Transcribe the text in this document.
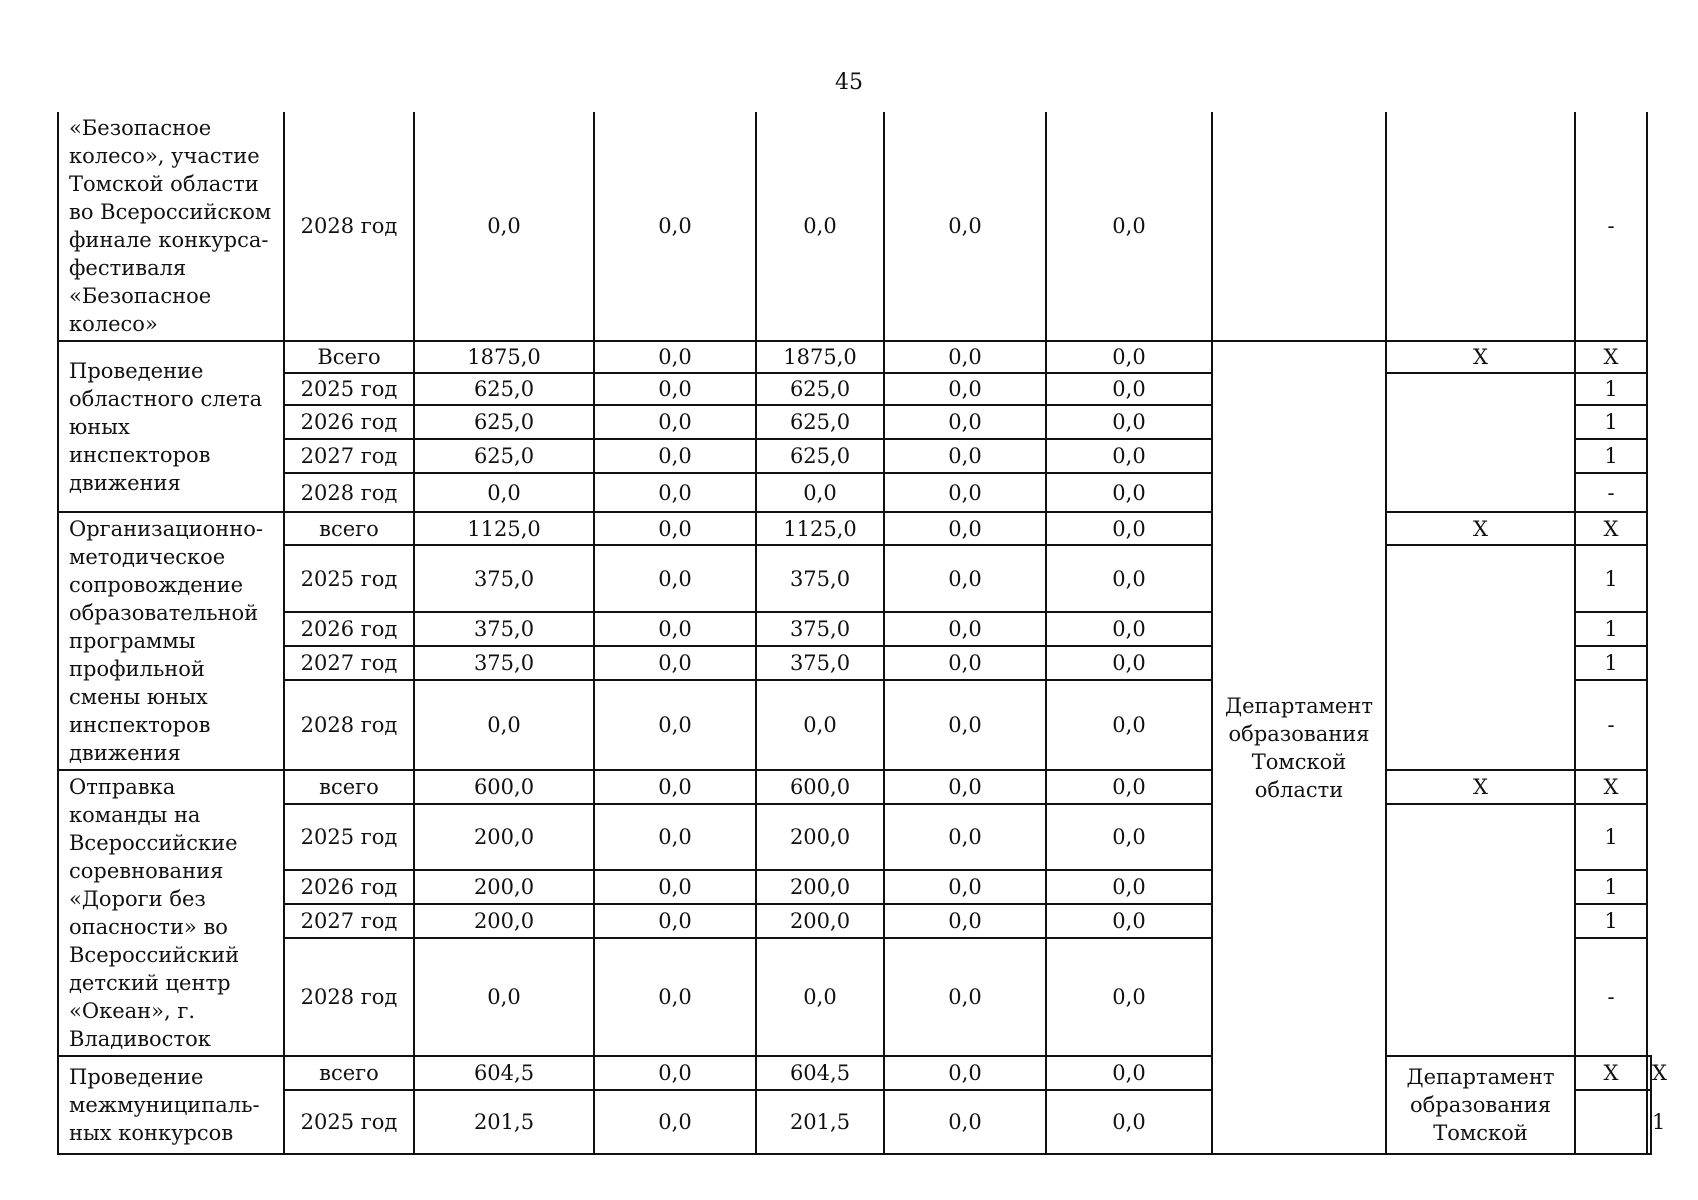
45
«Безопасное колесо», участие Томской области во Всероссийском финале конкурса-фестиваля «Безопасное колесо»	2028 год	0,0	0,0	0,0	0,0	0,0			-	
Проведение областного слета юных инспекторов движения	Всего	1875,0	0,0	1875,0	0,0	0,0	Департамент образования Томской области	X	X	
	2025 год	625,0	0,0	625,0	0,0	0,0			1	
	2026 год	625,0	0,0	625,0	0,0	0,0			1	
	2027 год	625,0	0,0	625,0	0,0	0,0			1	
	2028 год	0,0	0,0	0,0	0,0	0,0			-	
Организационно-методическое сопровождение образовательной программы профильной смены юных инспекторов движения	всего	1125,0	0,0	1125,0	0,0	0,0		X	X	
	2025 год	375,0	0,0	375,0	0,0	0,0			1	
	2026 год	375,0	0,0	375,0	0,0	0,0			1	
	2027 год	375,0	0,0	375,0	0,0	0,0			1	
	2028 год	0,0	0,0	0,0	0,0	0,0			-	
Отправка команды на Всероссийские соревнования «Дороги без опасности» во Всероссийский детский центр «Океан», г. Владивосток	всего	600,0	0,0	600,0	0,0	0,0		X	X	
	2025 год	200,0	0,0	200,0	0,0	0,0			1	
	2026 год	200,0	0,0	200,0	0,0	0,0			1	
	2027 год	200,0	0,0	200,0	0,0	0,0			1	
	2028 год	0,0	0,0	0,0	0,0	0,0			-	
Проведение межмуниципаль-ных конкурсов	всего	604,5	0,0	604,5	0,0	0,0		Департамент образования Томской	X	X
	2025 год	201,5	0,0	201,5	0,0	0,0				1
